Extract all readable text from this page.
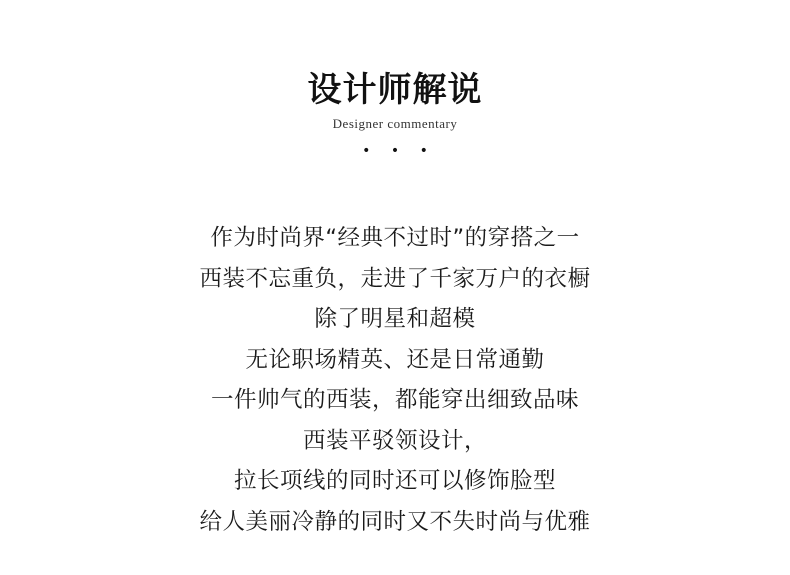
设计师解说
Designer commentary
• • •
作为时尚界“经典不过时”的穿搭之一
西装不忘重负，走进了千家万户的衣橱
除了明星和超模
无论职场精英、还是日常通勤
一件帅气的西装，都能穿出细致品味
西装平驳领设计，
拉长项线的同时还可以修饰脸型
给人美丽冷静的同时又不失时尚与优雅
